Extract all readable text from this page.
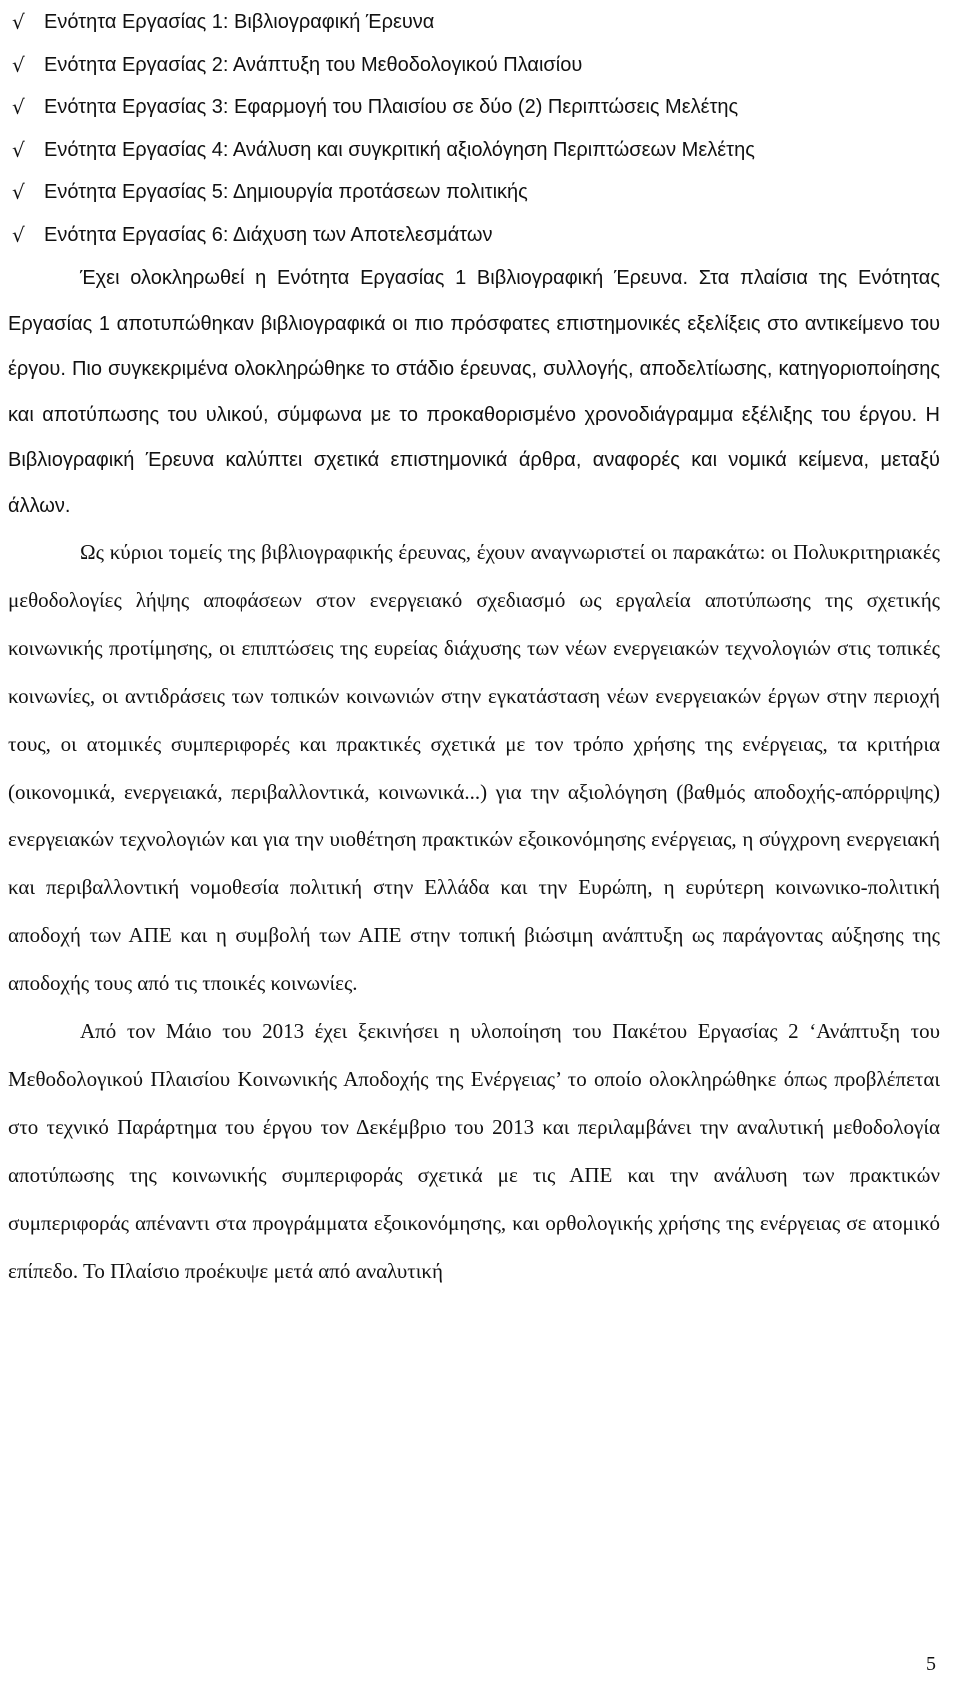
√ Ενότητα Εργασίας 1: Βιβλιογραφική Έρευνα
√ Ενότητα Εργασίας 2: Ανάπτυξη του Μεθοδολογικού Πλαισίου
√ Ενότητα Εργασίας 3: Εφαρμογή του Πλαισίου σε δύο (2) Περιπτώσεις Μελέτης
√ Ενότητα Εργασίας 4: Ανάλυση και συγκριτική αξιολόγηση Περιπτώσεων Μελέτης
√ Ενότητα Εργασίας 5: Δημιουργία προτάσεων πολιτικής
√ Ενότητα Εργασίας 6: Διάχυση των Αποτελεσμάτων

Έχει ολοκληρωθεί η Ενότητα Εργασίας 1 Βιβλιογραφική Έρευνα. Στα πλαίσια της Ενότητας Εργασίας 1 αποτυπώθηκαν βιβλιογραφικά οι πιο πρόσφατες επιστημονικές εξελίξεις στο αντικείμενο του έργου. Πιο συγκεκριμένα ολοκληρώθηκε το στάδιο έρευνας, συλλογής, αποδελτίωσης, κατηγοριοποίησης και αποτύπωσης του υλικού, σύμφωνα με το προκαθορισμένο χρονοδιάγραμμα εξέλιξης του έργου. Η Βιβλιογραφική Έρευνα καλύπτει σχετικά επιστημονικά άρθρα, αναφορές και νομικά κείμενα, μεταξύ άλλων.

Ως κύριοι τομείς της βιβλιογραφικής έρευνας, έχουν αναγνωριστεί οι παρακάτω: οι Πολυκριτηριακές μεθοδολογίες λήψης αποφάσεων στον ενεργειακό σχεδιασμό ως εργαλεία αποτύπωσης της σχετικής κοινωνικής προτίμησης, οι επιπτώσεις της ευρείας διάχυσης των νέων ενεργειακών τεχνολογιών στις τοπικές κοινωνίες, οι αντιδράσεις των τοπικών κοινωνιών στην εγκατάσταση νέων ενεργειακών έργων στην περιοχή τους, οι ατομικές συμπεριφορές και πρακτικές σχετικά με τον τρόπο χρήσης της ενέργειας, τα κριτήρια (οικονομικά, ενεργειακά, περιβαλλοντικά, κοινωνικά...) για την αξιολόγηση (βαθμός αποδοχής-απόρριψης) ενεργειακών τεχνολογιών και για την υιοθέτηση πρακτικών εξοικονόμησης ενέργειας, η σύγχρονη ενεργειακή και περιβαλλοντική νομοθεσία πολιτική στην Ελλάδα και την Ευρώπη, η ευρύτερη κοινωνικο-πολιτική αποδοχή των ΑΠΕ και η συμβολή των ΑΠΕ στην τοπική βιώσιμη ανάπτυξη ως παράγοντας αύξησης της αποδοχής τους από τις τποικές κοινωνίες.

Από τον Μάιο του 2013 έχει ξεκινήσει η υλοποίηση του Πακέτου Εργασίας 2 ‘Ανάπτυξη του Μεθοδολογικού Πλαισίου Κοινωνικής Αποδοχής της Ενέργειας’ το οποίο ολοκληρώθηκε όπως προβλέπεται στο τεχνικό Παράρτημα του έργου τον Δεκέμβριο του 2013 και περιλαμβάνει την αναλυτική μεθοδολογία αποτύπωσης της κοινωνικής συμπεριφοράς σχετικά με τις ΑΠΕ και την ανάλυση των πρακτικών συμπεριφοράς απέναντι στα προγράμματα εξοικονόμησης, και ορθολογικής χρήσης της ενέργειας σε ατομικό επίπεδο. Το Πλαίσιο προέκυψε μετά από αναλυτική

5
